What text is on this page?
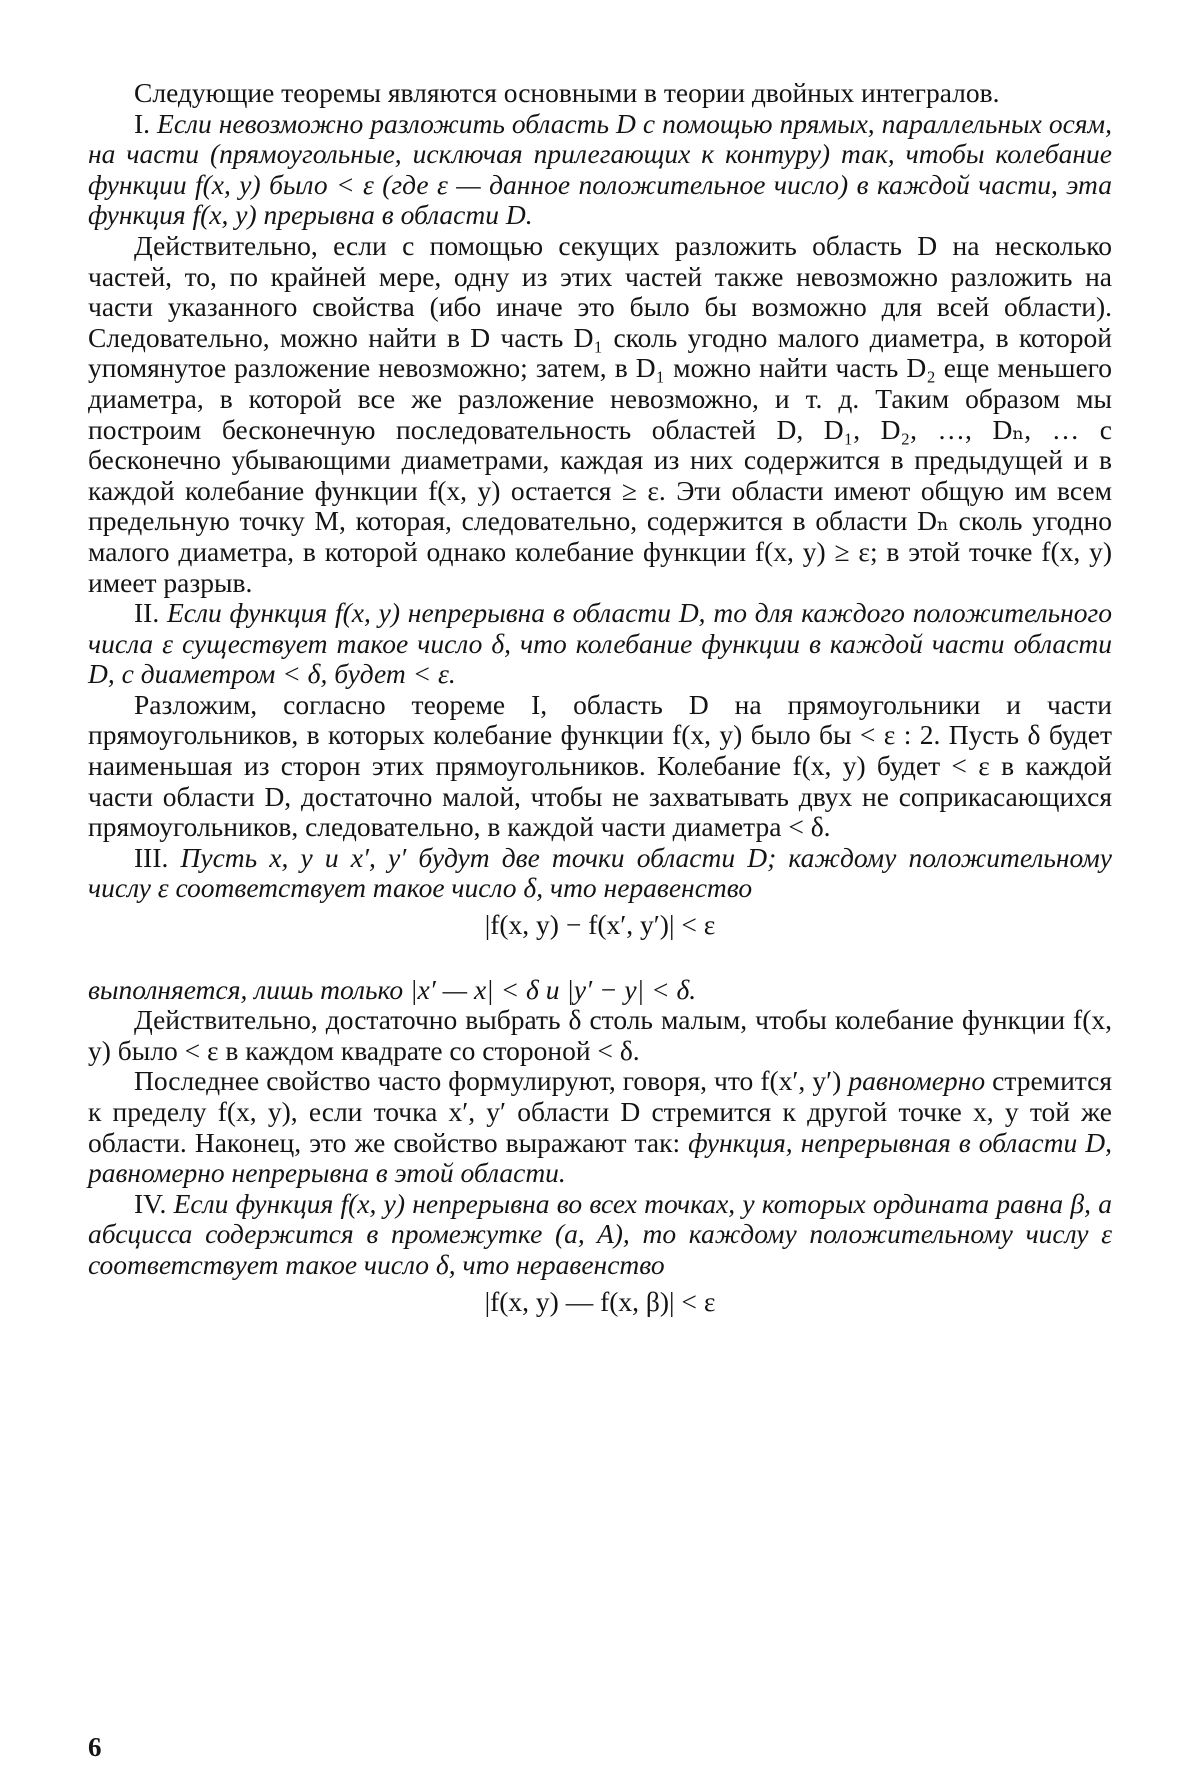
Следующие теоремы являются основными в теории двойных интегралов.

I. Если невозможно разложить область D с помощью прямых, параллельных осям, на части (прямоугольные, исключая прилегающих к контуру) так, чтобы колебание функции f(x, y) было < ε (где ε — данное положительное число) в каждой части, эта функция f(x, y) прерывна в области D.

Действительно, если с помощью секущих разложить область D на несколько частей, то, по крайней мере, одну из этих частей также невозможно разложить на части указанного свойства (ибо иначе это было бы возможно для всей области). Следовательно, можно найти в D часть D₁ сколь угодно малого диаметра, в которой упомянутое разложение невозможно; затем, в D₁ можно найти часть D₂ еще меньшего диаметра, в которой все же разложение невозможно, и т. д. Таким образом мы построим бесконечную последовательность областей D, D₁, D₂, …, Dₙ, … с бесконечно убывающими диаметрами, каждая из них содержится в предыдущей и в каждой колебание функции f(x, y) остается ≥ ε. Эти области имеют общую им всем предельную точку M, которая, следовательно, содержится в области Dₙ сколь угодно малого диаметра, в которой однако колебание функции f(x, y) ≥ ε; в этой точке f(x, y) имеет разрыв.

II. Если функция f(x, y) непрерывна в области D, то для каждого положительного числа ε существует такое число δ, что колебание функции в каждой части области D, с диаметром < δ, будет < ε.

Разложим, согласно теореме I, область D на прямоугольники и части прямоугольников, в которых колебание функции f(x, y) было бы < ε : 2. Пусть δ будет наименьшая из сторон этих прямоугольников. Колебание f(x, y) будет < ε в каждой части области D, достаточно малой, чтобы не захватывать двух не соприкасающихся прямоугольников, следовательно, в каждой части диаметра < δ.

III. Пусть x, y и x′, y′ будут две точки области D; каждому положительному числу ε соответствует такое число δ, что неравенство

|f(x, y) − f(x′, y′)| < ε

выполняется, лишь только |x′ — x| < δ и |y′ − y| < δ.

Действительно, достаточно выбрать δ столь малым, чтобы колебание функции f(x, y) было < ε в каждом квадрате со стороной < δ.

Последнее свойство часто формулируют, говоря, что f(x′, y′) равномерно стремится к пределу f(x, y), если точка x′, y′ области D стремится к другой точке x, y той же области. Наконец, это же свойство выражают так: функция, непрерывная в области D, равномерно непрерывна в этой области.

IV. Если функция f(x, y) непрерывна во всех точках, у которых ордината равна β, а абсцисса содержится в промежутке (a, A), то каждому положительному числу ε соответствует такое число δ, что неравенство

|f(x, y) — f(x, β)| < ε

6
